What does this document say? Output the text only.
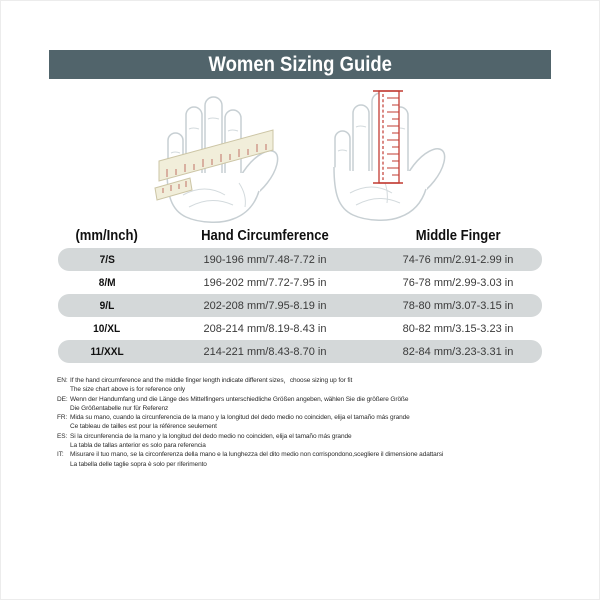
Women Sizing Guide
(mm/Inch)	Hand Circumference	Middle Finger
7/S	190-196 mm/7.48-7.72 in	74-76 mm/2.91-2.99 in
8/M	196-202 mm/7.72-7.95 in	76-78 mm/2.99-3.03 in
9/L	202-208 mm/7.95-8.19 in	78-80 mm/3.07-3.15 in
10/XL	208-214 mm/8.19-8.43 in	80-82 mm/3.15-3.23 in
11/XXL	214-221 mm/8.43-8.70 in	82-84 mm/3.23-3.31 in
EN: If the hand circumference and the middle finger length indicate different sizes，choose sizing up for fit
The size chart above is for reference only
DE: Wenn der Handumfang und die Länge des Mittelfingers unterschiedliche Größen angeben, wählen Sie die größere Größe
Die Größentabelle nur für Referenz
FR: Mida su mano, cuando la circunferencia de la mano y la longitud del dedo medio no coinciden, elija el tamaño más grande
Ce tableau de tailles est pour la référence seulement
ES: Si la circunferencia de la mano y la longitud del dedo medio no coinciden, elija el tamaño más grande
La tabla de tallas anterior es solo para referencia
IT: Misurare il tuo mano, se la circonferenza della mano e la lunghezza del dito medio non corrispondono,scegliere il dimensione adattarsi
La tabella delle taglie sopra è solo per riferimento
